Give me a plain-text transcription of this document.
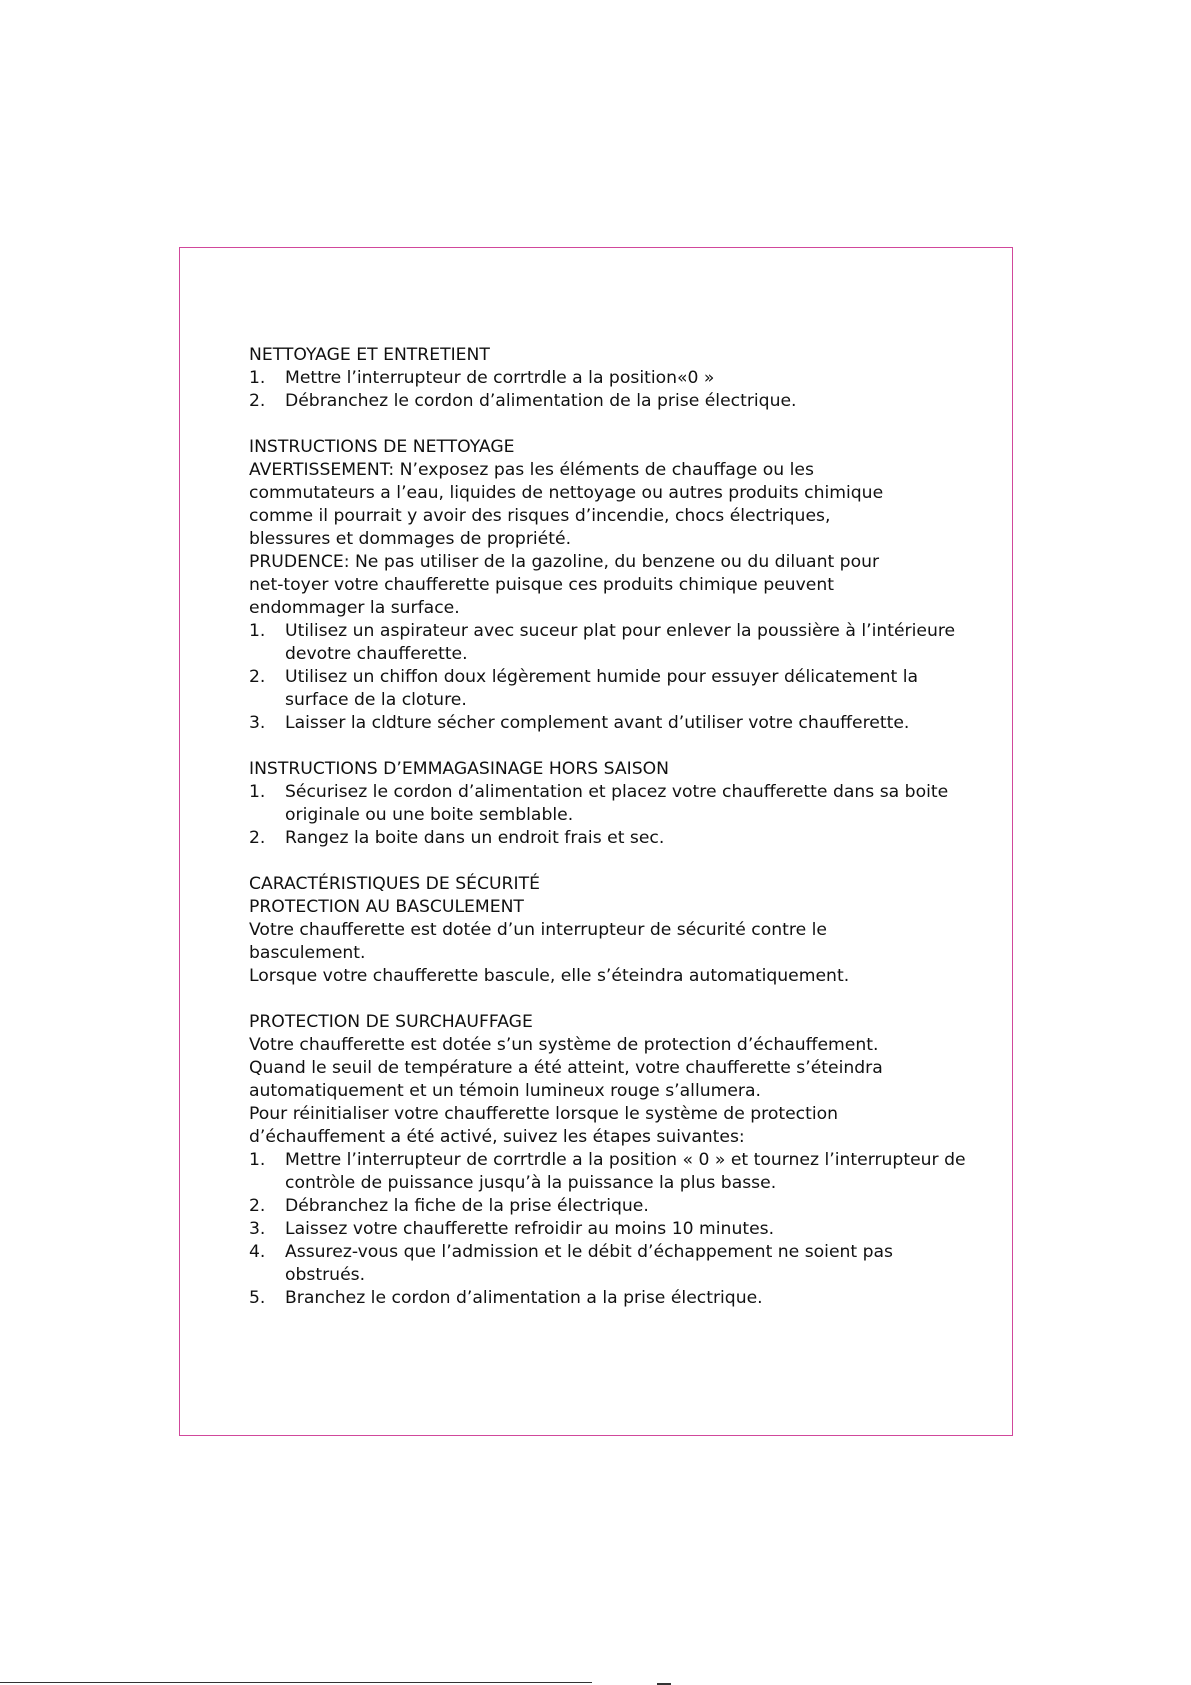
NETTOYAGE ET ENTRETIENT

1. Mettre l’interrupteur de corrtrdle a la position«0 »
2. Débranchez le cordon d’alimentation de la prise électrique.

INSTRUCTIONS DE NETTOYAGE

AVERTISSEMENT: N’exposez pas les éléments de chauffage ou les

commutateurs a l’eau, liquides de nettoyage ou autres produits chimique

comme il pourrait y avoir des risques d’incendie, chocs électriques,

blessures et dommages de propriété.

PRUDENCE: Ne pas utiliser de la gazoline, du benzene ou du diluant pour

net-toyer votre chaufferette puisque ces produits chimique peuvent

endommager la surface.

1. Utilisez un aspirateur avec suceur plat pour enlever la poussière à l’intérieure devotre chaufferette.
2. Utilisez un chiffon doux légèrement humide pour essuyer délicatement la surface de la cloture.
3. Laisser la cldture sécher complement avant d’utiliser votre chaufferette.

INSTRUCTIONS D’EMMAGASINAGE HORS SAISON

1. Sécurisez le cordon d’alimentation et placez votre chaufferette dans sa boite originale ou une boite semblable.
2. Rangez la boite dans un endroit frais et sec.

CARACTÉRISTIQUES DE SÉCURITÉ

PROTECTION AU BASCULEMENT

Votre chaufferette est dotée d’un interrupteur de sécurité contre le

basculement.

Lorsque votre chaufferette bascule, elle s’éteindra automatiquement.

PROTECTION DE SURCHAUFFAGE

Votre chaufferette est dotée s’un système de protection d’échauffement.

Quand le seuil de température a été atteint, votre chaufferette s’éteindra

automatiquement et un témoin lumineux rouge s’allumera.

Pour réinitialiser votre chaufferette lorsque le système de protection

d’échauffement a été activé, suivez les étapes suivantes:

1. Mettre l’interrupteur de corrtrdle a la position « 0 » et tournez l’interrupteur de contròle de puissance jusqu’à la puissance la plus basse.
2. Débranchez la fiche de la prise électrique.
3. Laissez votre chaufferette refroidir au moins 10 minutes.
4. Assurez-vous que l’admission et le débit d’échappement ne soient pas obstrués.
5. Branchez le cordon d’alimentation a la prise électrique.
